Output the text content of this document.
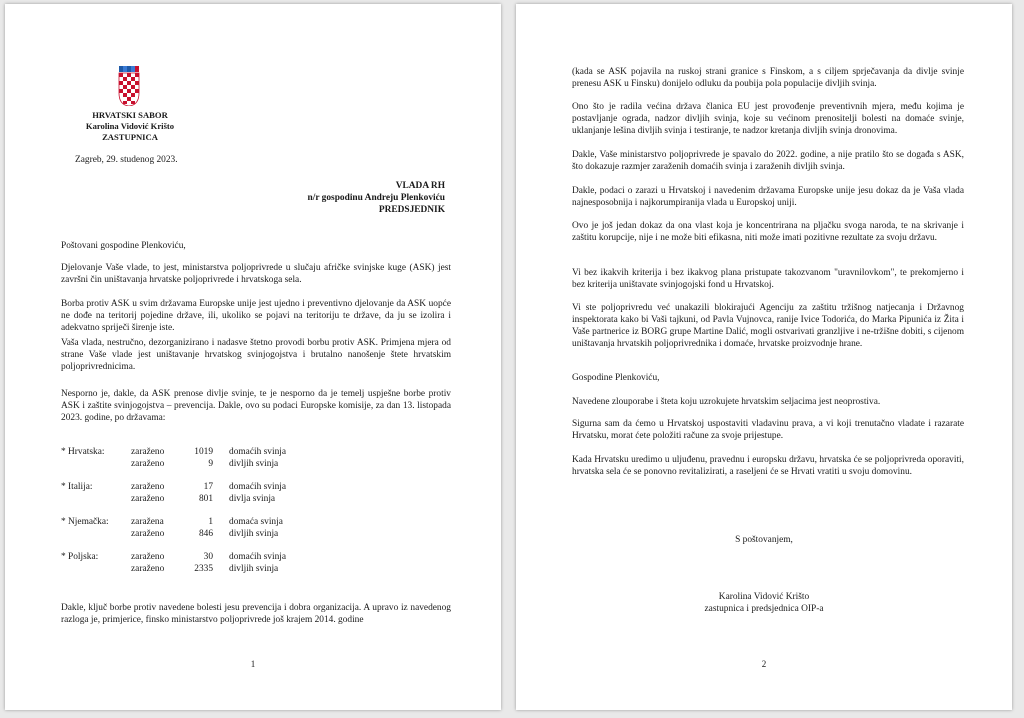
HRVATSKI SABOR
Karolina Vidović Krišto
ZASTUPNICA
Zagreb, 29. studenog 2023.
VLADA RH
n/r gospodinu Andreju Plenkoviću
PREDSJEDNIK
Poštovani gospodine Plenkoviću,
Djelovanje Vaše vlade, to jest, ministarstva poljoprivrede u slučaju afričke svinjske kuge (ASK) jest završni čin uništavanja hrvatske poljoprivrede i hrvatskoga sela.
Borba protiv ASK u svim državama Europske unije jest ujedno i preventivno djelovanje da ASK uopće ne dođe na teritorij pojedine države, ili, ukoliko se pojavi na teritoriju te države, da ju se izolira i adekvatno spriječi širenje iste.
Vaša vlada, nestručno, dezorganizirano i nadasve štetno provodi borbu protiv ASK. Primjena mjera od strane Vaše vlade jest uništavanje hrvatskog svinjogojstva i brutalno nanošenje štete hrvatskim poljoprivrednicima.
Nesporno je, dakle, da ASK prenose divlje svinje, te je nesporno da je temelj uspješne borbe protiv ASK i zaštite svinjogojstva – prevencija. Dakle, ovo su podaci Europske komisije, za dan 13. listopada 2023. godine, po državama:
* Hrvatska:	zaraženo	1019 domaćih svinja
zaraženo	9 divljih svinja
* Italija:	zaraženo	17 domaćih svinja
zaraženo	801 divlja svinja
* Njemačka: zaražena	1 domaća svinja
zaraženo	846 divljih svinja
* Poljska:	zaraženo	30 domaćih svinja
zaraženo	2335 divljih svinja
Dakle, ključ borbe protiv navedene bolesti jesu prevencija i dobra organizacija. A upravo iz navedenog razloga je, primjerice, finsko ministarstvo poljoprivrede još krajem 2014. godine
1
(kada se ASK pojavila na ruskoj strani granice s Finskom, a s ciljem sprječavanja da divlje svinje prenesu ASK u Finsku) donijelo odluku da poubija pola populacije divljih svinja.
Ono što je radila većina država članica EU jest provođenje preventivnih mjera, među kojima je postavljanje ograda, nadzor divljih svinja, koje su većinom prenositelji bolesti na domaće svinje, uklanjanje lešina divljih svinja i testiranje, te nadzor kretanja divljih svinja dronovima.
Dakle, Vaše ministarstvo poljoprivrede je spavalo do 2022. godine, a nije pratilo što se događa s ASK, što dokazuje razmjer zaraženih domaćih svinja i zaraženih divljih svinja.
Dakle, podaci o zarazi u Hrvatskoj i navedenim državama Europske unije jesu dokaz da je Vaša vlada najnesposobnija i najkorumpiranija vlada u Europskoj uniji.
Ovo je još jedan dokaz da ona vlast koja je koncentrirana na pljačku svoga naroda, te na skrivanje i zaštitu korupcije, nije i ne može biti efikasna, niti može imati pozitivne rezultate za svoju državu.
Vi bez ikakvih kriterija i bez ikakvog plana pristupate takozvanom "uravnilovkom", te prekomjerno i bez kriterija uništavate svinjogojski fond u Hrvatskoj.
Vi ste poljoprivredu već unakazili blokirajući Agenciju za zaštitu tržišnog natjecanja i Državnog inspektorata kako bi Vaši tajkuni, od Pavla Vujnovca, ranije Ivice Todorića, do Marka Pipunića iz Žita i Vaše partnerice iz BORG grupe Martine Dalić, mogli ostvarivati granzljive i ne-tržišne dobiti, s cijenom uništavanja hrvatskih poljoprivrednika i domaće, hrvatske proizvodnje hrane.
Gospodine Plenkoviću,
Navedene zlouporabe i šteta koju uzrokujete hrvatskim seljacima jest neoprostiva.
Sigurna sam da ćemo u Hrvatskoj uspostaviti vladavinu prava, a vi koji trenutačno vladate i razarate Hrvatsku, morat ćete položiti račune za svoje prijestupe.
Kada Hrvatsku uredimo u uljuđenu, pravednu i europsku državu, hrvatska će se poljoprivreda oporaviti, hrvatska sela će se ponovno revitalizirati, a raseljeni će se Hrvati vratiti u svoju domovinu.
S poštovanjem,
Karolina Vidović Krišto
zastupnica i predsjednica OIP-a
2
